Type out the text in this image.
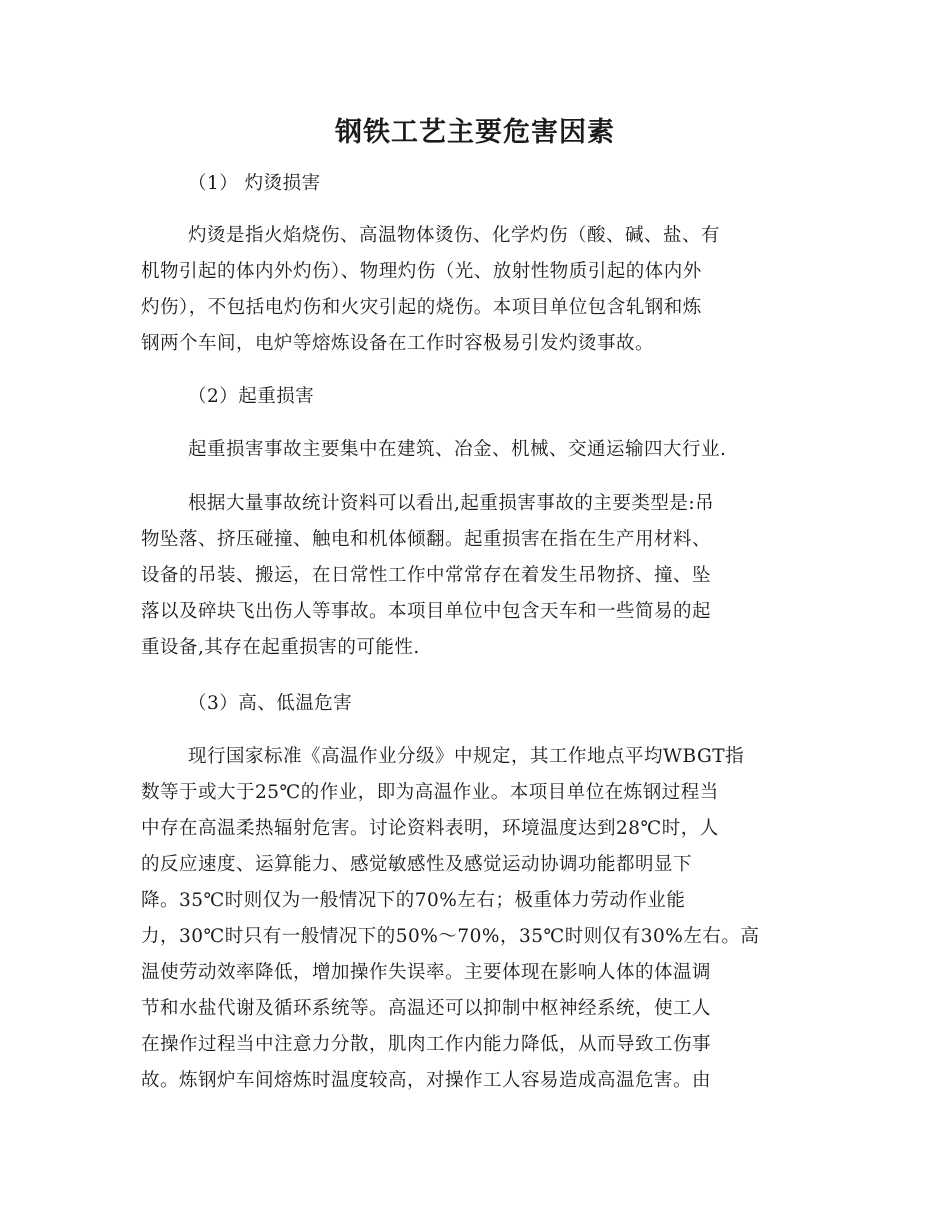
钢铁工艺主要危害因素
（1） 灼烫损害
灼烫是指火焰烧伤、高温物体烫伤、化学灼伤（酸、碱、盐、有
机物引起的体内外灼伤）、物理灼伤（光、放射性物质引起的体内外
灼伤），不包括电灼伤和火灾引起的烧伤。本项目单位包含轧钢和炼
钢两个车间，电炉等熔炼设备在工作时容极易引发灼烫事故。
（2）起重损害
起重损害事故主要集中在建筑、冶金、机械、交通运输四大行业.
根据大量事故统计资料可以看出,起重损害事故的主要类型是:吊
物坠落、挤压碰撞、触电和机体倾翻。起重损害在指在生产用材料、
设备的吊装、搬运，在日常性工作中常常存在着发生吊物挤、撞、坠
落以及碎块飞出伤人等事故。本项目单位中包含天车和一些简易的起
重设备,其存在起重损害的可能性.
（3）高、低温危害
现行国家标准《高温作业分级》中规定，其工作地点平均WBGT指
数等于或大于25℃的作业，即为高温作业。本项目单位在炼钢过程当
中存在高温柔热辐射危害。讨论资料表明，环境温度达到28℃时，人
的反应速度、运算能力、感觉敏感性及感觉运动协调功能都明显下
降。35℃时则仅为一般情况下的70%左右；极重体力劳动作业能
力，30℃时只有一般情况下的50%～70%，35℃时则仅有30%左右。高
温使劳动效率降低，增加操作失误率。主要体现在影响人体的体温调
节和水盐代谢及循环系统等。高温还可以抑制中枢神经系统，使工人
在操作过程当中注意力分散，肌肉工作内能力降低，从而导致工伤事
故。炼钢炉车间熔炼时温度较高，对操作工人容易造成高温危害。由
